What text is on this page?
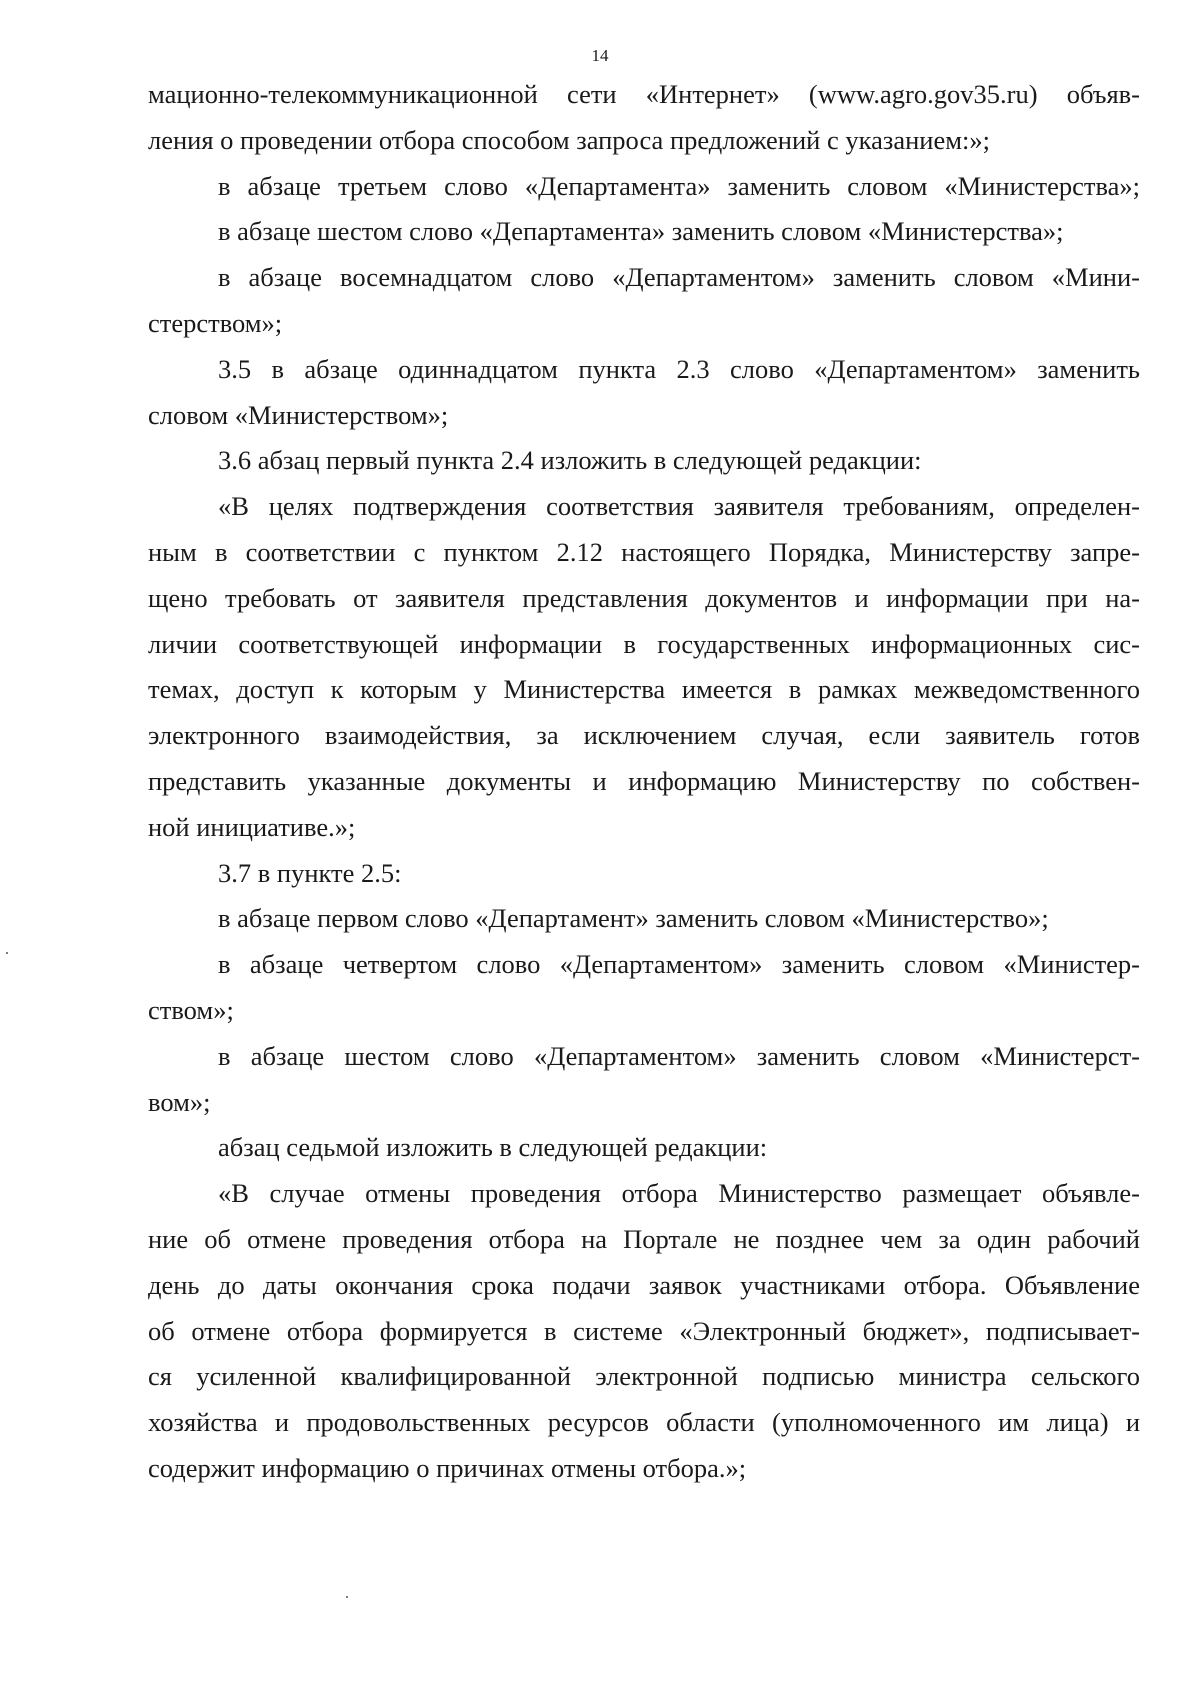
14
мационно-телекоммуникационной сети «Интернет» (www.agro.gov35.ru) объяв-
ления о проведении отбора способом запроса предложений с указанием:»;
в абзаце третьем слово «Департамента» заменить словом «Министерства»;
в абзаце шестом слово «Департамента» заменить словом «Министерства»;
в абзаце восемнадцатом слово «Департаментом» заменить словом «Мини-
стерством»;
3.5 в абзаце одиннадцатом пункта 2.3 слово «Департаментом» заменить
словом «Министерством»;
3.6 абзац первый пункта 2.4 изложить в следующей редакции:
«В целях подтверждения соответствия заявителя требованиям, определен-
ным в соответствии с пунктом 2.12 настоящего Порядка, Министерству запре-
щено требовать от заявителя представления документов и информации при на-
личии соответствующей информации в государственных информационных сис-
темах, доступ к которым у Министерства имеется в рамках межведомственного
электронного взаимодействия, за исключением случая, если заявитель готов
представить указанные документы и информацию Министерству по собствен-
ной инициативе.»;
3.7 в пункте 2.5:
в абзаце первом слово «Департамент» заменить словом «Министерство»;
в абзаце четвертом слово «Департаментом» заменить словом «Министер-
ством»;
в абзаце шестом слово «Департаментом» заменить словом «Министерст-
вом»;
абзац седьмой изложить в следующей редакции:
«В случае отмены проведения отбора Министерство размещает объявле-
ние об отмене проведения отбора на Портале не позднее чем за один рабочий
день до даты окончания срока подачи заявок участниками отбора. Объявление
об отмене отбора формируется в системе «Электронный бюджет», подписывает-
ся усиленной квалифицированной электронной подписью министра сельского
хозяйства и продовольственных ресурсов области (уполномоченного им лица) и
содержит информацию о причинах отмены отбора.»;
